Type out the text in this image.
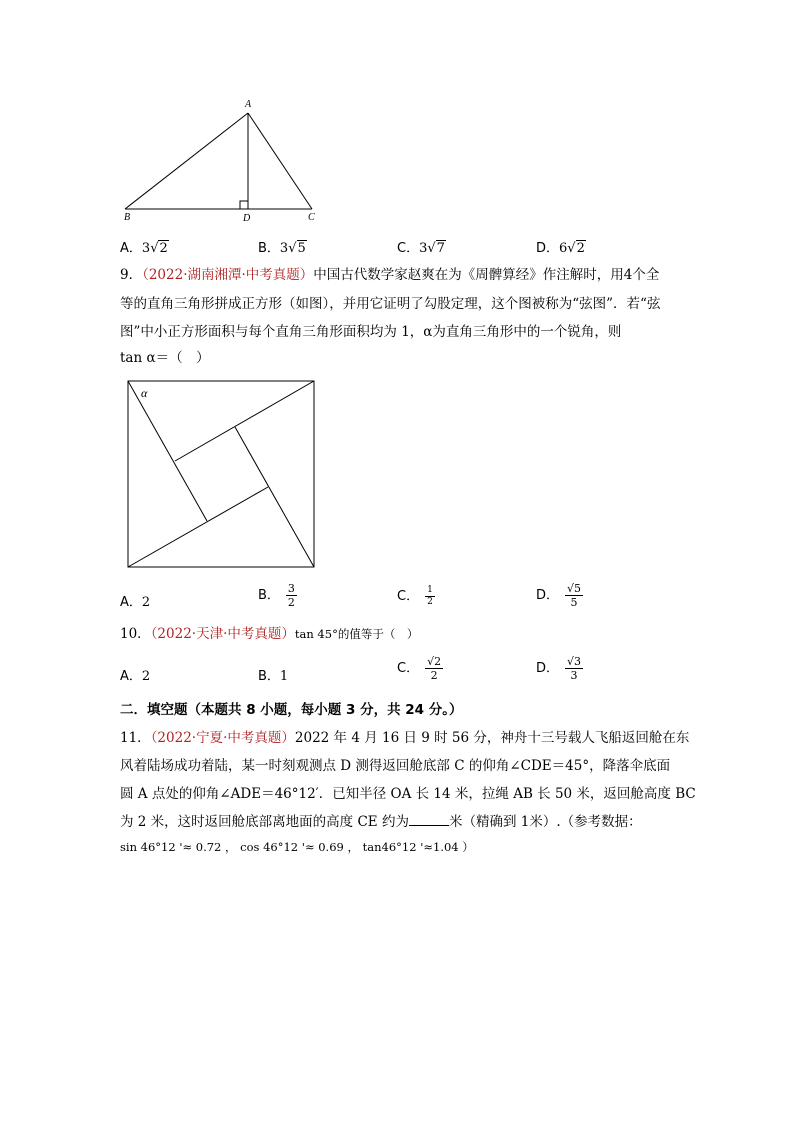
A
B	D	C
A．3√2	B．3√5	C．3√7	D．6√2
9．（2022·湖南湘潭·中考真题）中国古代数学家赵爽在为《周髀算经》作注解时，用4个全
等的直角三角形拼成正方形（如图），并用它证明了勾股定理，这个图被称为“弦图”．若“弦
图”中小正方形面积与每个直角三角形面积均为 1，α为直角三角形中的一个锐角，则
tan α＝（　）
α
A．2	B． $\frac{3}{2}$	C． $\frac{1}{2}$	D． $\frac{√5}{5}$
10．（2022·天津·中考真题）tan 45°的值等于（　）
A．2	B．1
C． $\frac{√2}{2}$	D． $\frac{√3}{3}$
二．填空题（本题共 8 小题，每小题 3 分，共 24 分。）
11．（2022·宁夏·中考真题）2022 年 4 月 16 日 9 时 56 分，神舟十三号载人飞船返回舱在东
风着陆场成功着陆，某一时刻观测点 D 测得返回舱底部 C 的仰角∠CDE＝45°，降落伞底面
圆 A 点处的仰角∠ADE＝46°12′．已知半径 OA 长 14 米，拉绳 AB 长 50 米，返回舱高度 BC
为 2 米，这时返回舱底部离地面的高度 CE 约为	米（精确到 1米）.（参考数据：
sin 46°12 '≈ 0.72 ， cos 46°12 '≈ 0.69 ， tan46°12 '≈1.04 ）
